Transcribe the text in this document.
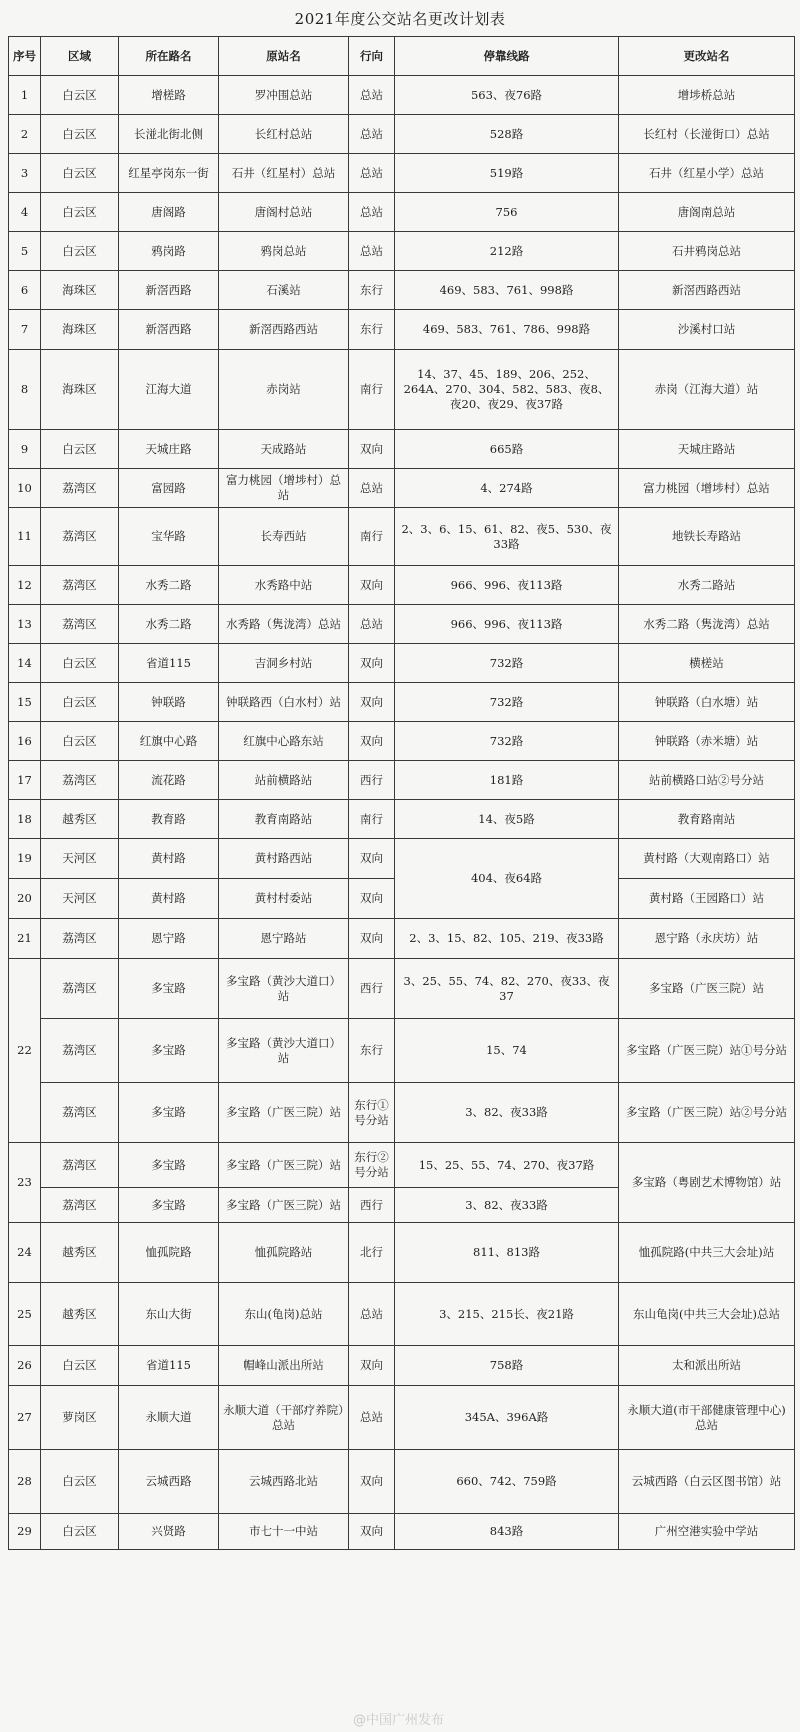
2021年度公交站名更改计划表
序号	区域	所在路名	原站名	行向	停靠线路	更改站名
1	白云区	增槎路	罗冲围总站	总站	563、夜76路	增埗桥总站
2	白云区	长湴北街北侧	长红村总站	总站	528路	长红村（长湴街口）总站
3	白云区	红星亭岗东一街	石井（红星村）总站	总站	519路	石井（红星小学）总站
4	白云区	唐阁路	唐阁村总站	总站	756	唐阁南总站
5	白云区	鸦岗路	鸦岗总站	总站	212路	石井鸦岗总站
6	海珠区	新滘西路	石溪站	东行	469、583、761、998路	新滘西路西站
7	海珠区	新滘西路	新滘西路西站	东行	469、583、761、786、998路	沙溪村口站
8	海珠区	江海大道	赤岗站	南行	14、37、45、189、206、252、264A、270、304、582、583、夜8、夜20、夜29、夜37路	赤岗（江海大道）站
9	白云区	天城庄路	天成路站	双向	665路	天城庄路站
10	荔湾区	富园路	富力桃园（增埗村）总站	总站	4、274路	富力桃园（增埗村）总站
11	荔湾区	宝华路	长寿西站	南行	2、3、6、15、61、82、夜5、530、夜33路	地铁长寿路站
12	荔湾区	水秀二路	水秀路中站	双向	966、996、夜113路	水秀二路站
13	荔湾区	水秀二路	水秀路（隽泷湾）总站	总站	966、996、夜113路	水秀二路（隽泷湾）总站
14	白云区	省道115	吉洞乡村站	双向	732路	横槎站
15	白云区	钟联路	钟联路西（白水村）站	双向	732路	钟联路（白水塘）站
16	白云区	红旗中心路	红旗中心路东站	双向	732路	钟联路（赤米塘）站
17	荔湾区	流花路	站前横路站	西行	181路	站前横路口站②号分站
18	越秀区	教育路	教育南路站	南行	14、夜5路	教育路南站
19	天河区	黄村路	黄村路西站	双向	404、夜64路	黄村路（大观南路口）站
20	天河区	黄村路	黄村村委站	双向		黄村路（王园路口）站
21	荔湾区	恩宁路	恩宁路站	双向	2、3、15、82、105、219、夜33路	恩宁路（永庆坊）站
22	荔湾区	多宝路	多宝路（黄沙大道口）站	西行	3、25、55、74、82、270、夜33、夜37	多宝路（广医三院）站
	荔湾区	多宝路	多宝路（黄沙大道口）站	东行	15、74	多宝路（广医三院）站①号分站
	荔湾区	多宝路	多宝路（广医三院）站	东行①号分站	3、82、夜33路	多宝路（广医三院）站②号分站
23	荔湾区	多宝路	多宝路（广医三院）站	东行②号分站	15、25、55、74、270、夜37路	多宝路（粤剧艺术博物馆）站
	荔湾区	多宝路	多宝路（广医三院）站	西行	3、82、夜33路	
24	越秀区	恤孤院路	恤孤院路站	北行	811、813路	恤孤院路(中共三大会址)站
25	越秀区	东山大街	东山(龟岗)总站	总站	3、215、215长、夜21路	东山龟岗(中共三大会址)总站
26	白云区	省道115	帽峰山派出所站	双向	758路	太和派出所站
27	萝岗区	永顺大道	永顺大道（干部疗养院）总站	总站	345A、396A路	永顺大道(市干部健康管理中心)总站
28	白云区	云城西路	云城西路北站	双向	660、742、759路	云城西路（白云区图书馆）站
29	白云区	兴贤路	市七十一中站	双向	843路	广州空港实验中学站
@中国广州发布
